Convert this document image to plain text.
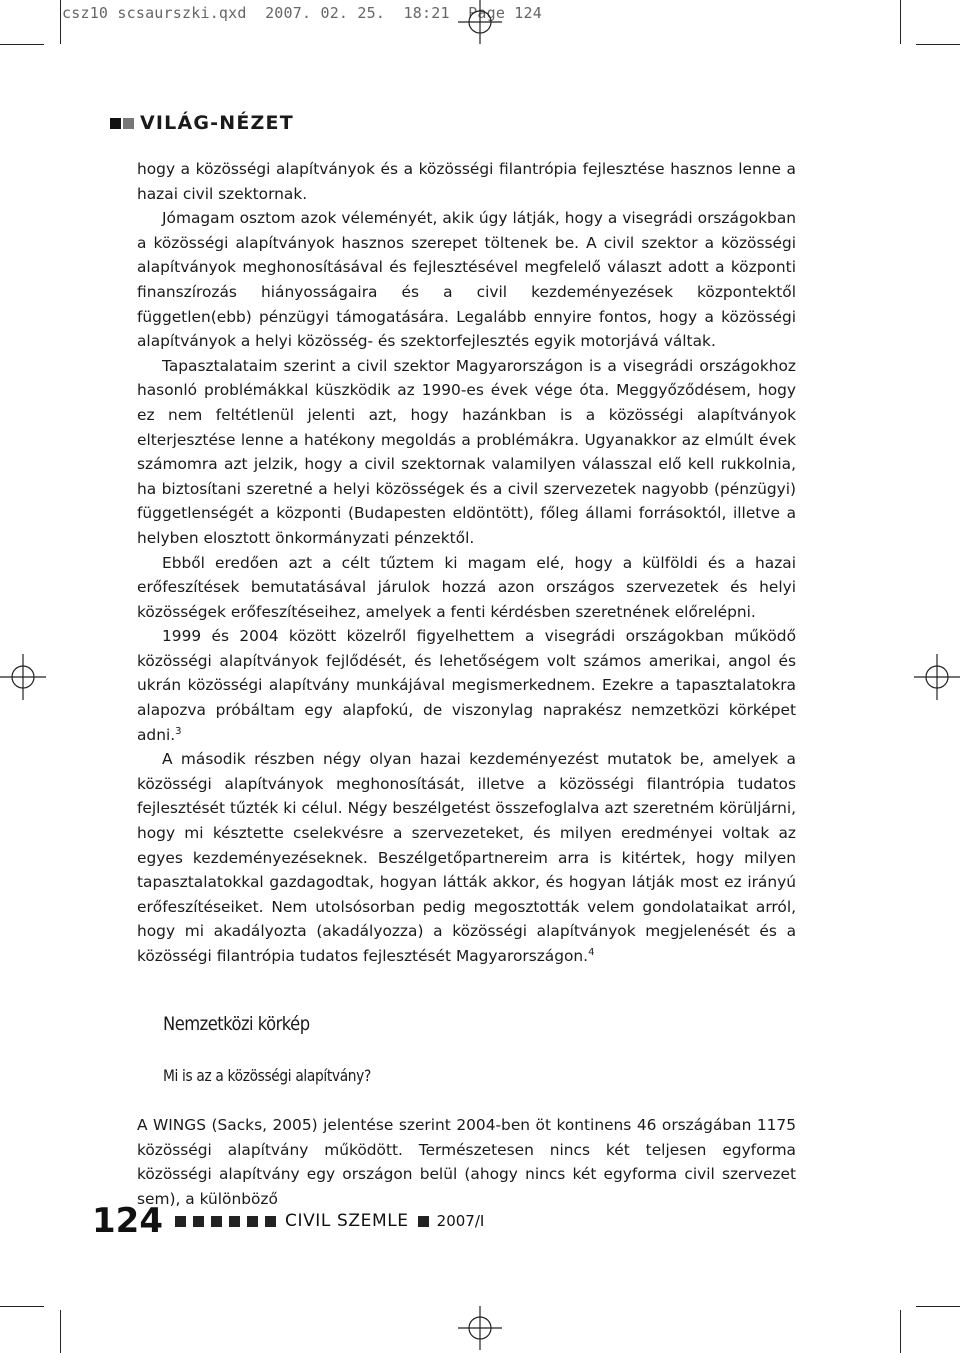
csz10 scsaurszki.qxd  2007. 02. 25.  18:21  Page 124
VILÁG-NÉZET

hogy a közösségi alapítványok és a közösségi filantrópia fejlesztése hasznos lenne a hazai civil szektornak.

Jómagam osztom azok véleményét, akik úgy látják, hogy a visegrádi országokban a közösségi alapítványok hasznos szerepet töltenek be. A civil szektor a közösségi alapítványok meghonosításával és fejlesztésével megfelelő választ adott a központi finanszírozás hiányosságaira és a civil kezdeményezések központektől független(ebb) pénzügyi támogatására. Legalább ennyire fontos, hogy a közösségi alapítványok a helyi közösség- és szektorfejlesztés egyik motorjává váltak.

Tapasztalataim szerint a civil szektor Magyarországon is a visegrádi országokhoz hasonló problémákkal küszködik az 1990-es évek vége óta. Meggyőződésem, hogy ez nem feltétlenül jelenti azt, hogy hazánkban is a közösségi alapítványok elterjesztése lenne a hatékony megoldás a problémákra. Ugyanakkor az elmúlt évek számomra azt jelzik, hogy a civil szektornak valamilyen válasszal elő kell rukkolnia, ha biztosítani szeretné a helyi közösségek és a civil szervezetek nagyobb (pénzügyi) függetlenségét a központi (Budapesten eldöntött), főleg állami forrásoktól, illetve a helyben elosztott önkormányzati pénzektől.

Ebből eredően azt a célt tűztem ki magam elé, hogy a külföldi és a hazai erőfeszítések bemutatásával járulok hozzá azon országos szervezetek és helyi közösségek erőfeszítéseihez, amelyek a fenti kérdésben szeretnének előrelépni.

1999 és 2004 között közelről figyelhettem a visegrádi országokban működő közösségi alapítványok fejlődését, és lehetőségem volt számos amerikai, angol és ukrán közösségi alapítvány munkájával megismerkednem. Ezekre a tapasztalatokra alapozva próbáltam egy alapfokú, de viszonylag naprakész nemzetközi körképet adni.$^3$

A második részben négy olyan hazai kezdeményezést mutatok be, amelyek a közösségi alapítványok meghonosítását, illetve a közösségi filantrópia tudatos fejlesztését tűzték ki célul. Négy beszélgetést összefoglalva azt szeretném körüljárni, hogy mi késztette cselekvésre a szervezeteket, és milyen eredményei voltak az egyes kezdeményezéseknek. Beszélgetőpartnereim arra is kitértek, hogy milyen tapasztalatokkal gazdagodtak, hogyan látták akkor, és hogyan látják most ez irányú erőfeszítéseiket. Nem utolsósorban pedig megosztották velem gondolataikat arról, hogy mi akadályozta (akadályozza) a közösségi alapítványok megjelenését és a közösségi filantrópia tudatos fejlesztését Magyarországon.$^4$

Nemzetközi körkép
Mi is az a közösségi alapítvány?

A WINGS (Sacks, 2005) jelentése szerint 2004-ben öt kontinens 46 országában 1175 közösségi alapítvány működött. Természetesen nincs két teljesen egyforma közösségi alapítvány egy országon belül (ahogy nincs két egyforma civil szervezet sem), a különböző

124	CIVIL SZEMLE 2007/I
